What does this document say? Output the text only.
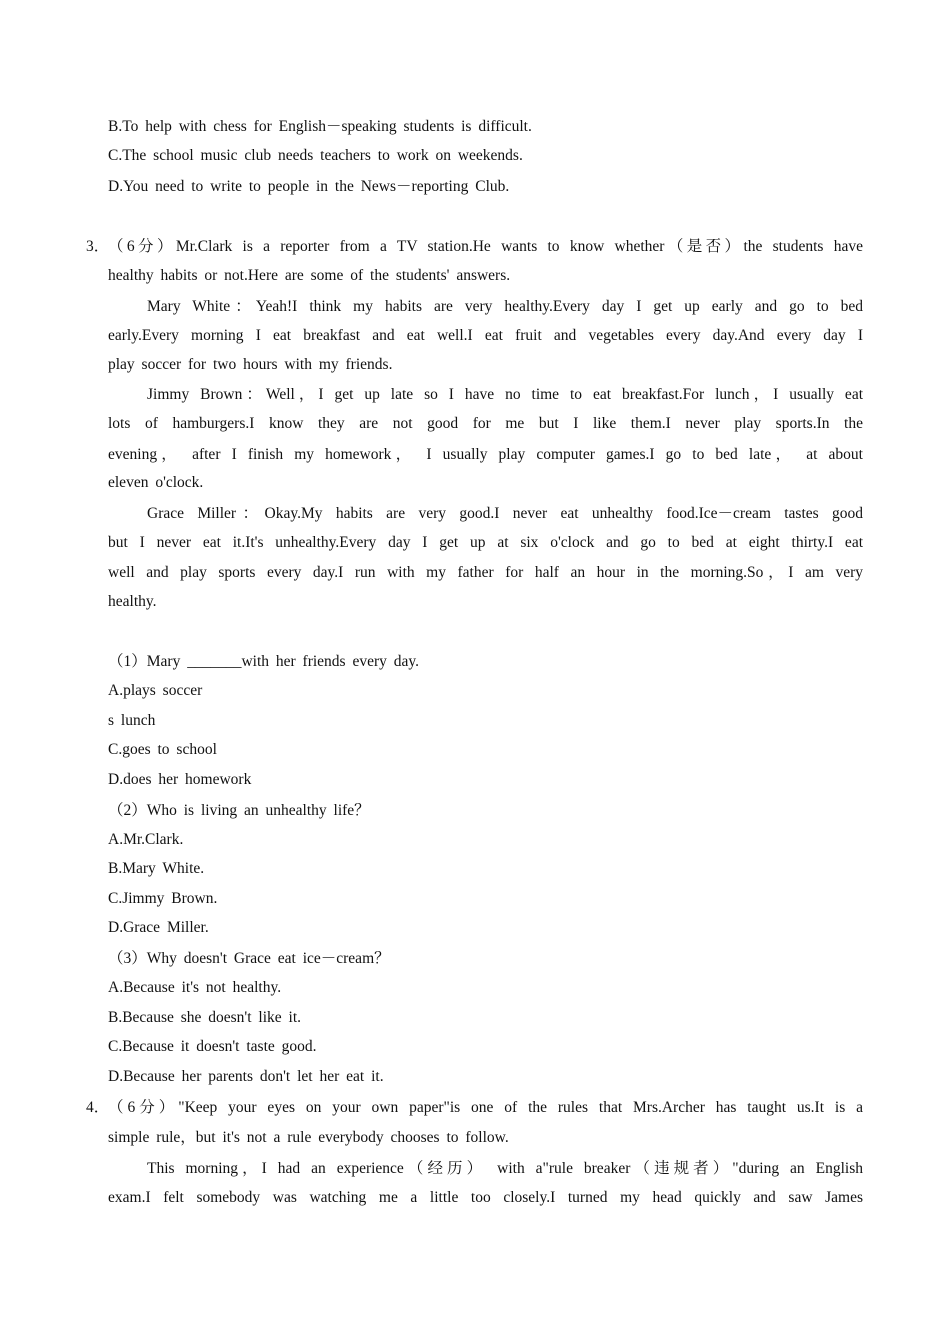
B.To help with chess for English－speaking students is difficult.
C.The school music club needs teachers to work on weekends.
D.You need to write to people in the News－reporting Club.
3．
（6分）Mr.Clark is a reporter from a TV station.He wants to know whether（是否）the students have
healthy habits or not.Here are some of the students' answers.
Mary White：Yeah!I think my habits are very healthy.Every day I get up early and go to bed
early.Every morning I eat breakfast and eat well.I eat fruit and vegetables every day.And every day I
play soccer for two hours with my friends.
Jimmy Brown：Well，I get up late so I have no time to eat breakfast.For lunch，I usually eat
lots of hamburgers.I know they are not good for me but I like them.I never play sports.In the
evening， after I finish my homework， I usually play computer games.I go to bed late， at about
eleven o'clock.
Grace Miller：Okay.My habits are very good.I never eat unhealthy food.Ice－cream tastes good
but I never eat it.It's unhealthy.Every day I get up at six o'clock and go to bed at eight thirty.I eat
well and play sports every day.I run with my father for half an hour in the morning.So，I am very
healthy.
（1）Mary _______with her friends every day.
A.plays soccer
s lunch
C.goes to school
D.does her homework
（2）Who is living an unhealthy life？
A.Mr.Clark.
B.Mary White.
C.Jimmy Brown.
D.Grace Miller.
（3）Why doesn't Grace eat ice－cream？
A.Because it's not healthy.
B.Because she doesn't like it.
C.Because it doesn't taste good.
D.Because her parents don't let her eat it.
4．
（6分）"Keep your eyes on your own paper"is one of the rules that Mrs.Archer has taught us.It is a
simple rule，but it's not a rule everybody chooses to follow.
This morning，I had an experience（经历） with a"rule breaker（违规者）"during an English
exam.I felt somebody was watching me a little too closely.I turned my head quickly and saw James
